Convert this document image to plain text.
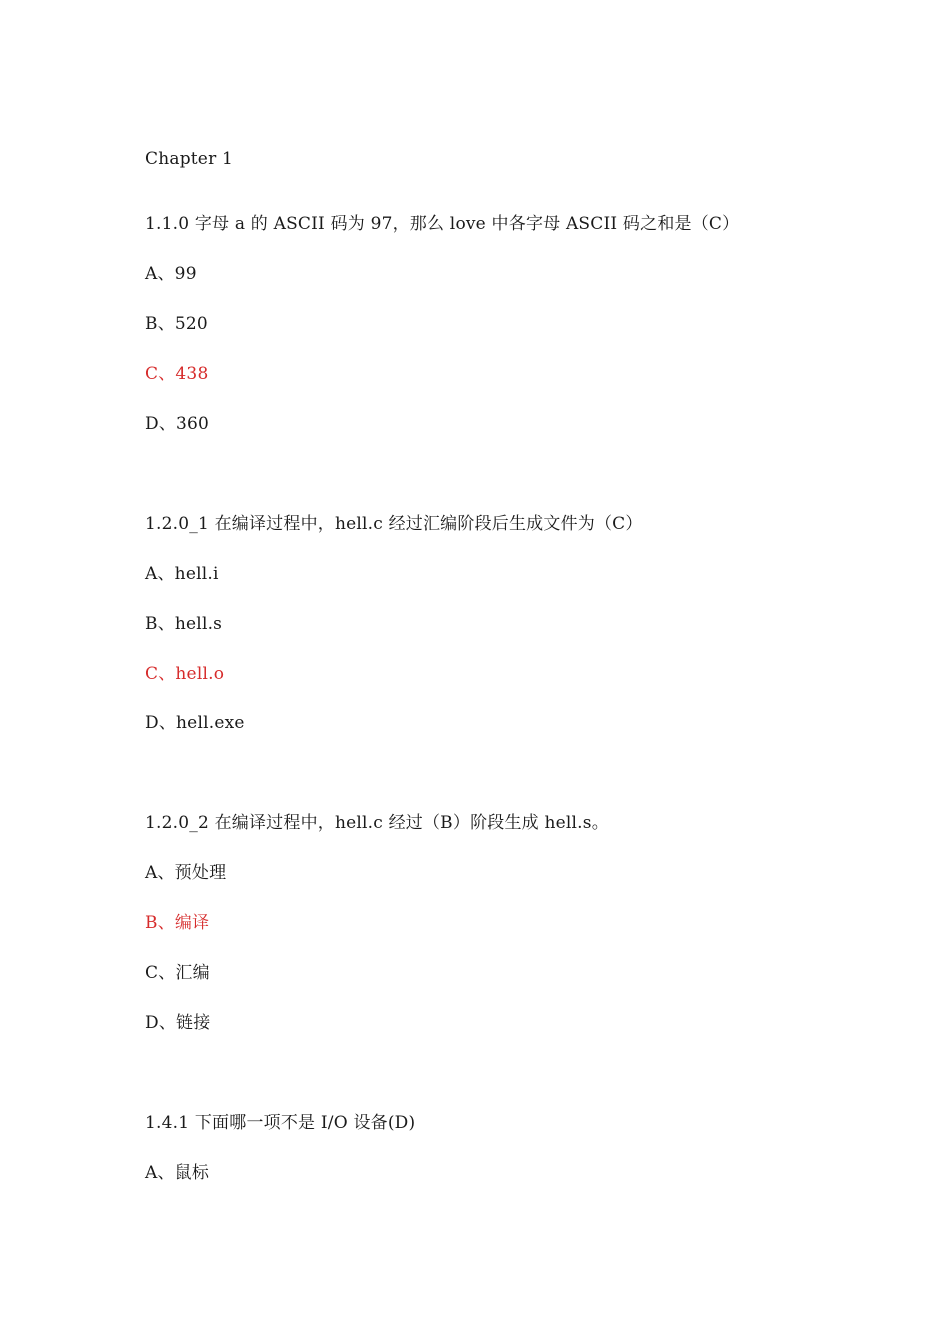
Chapter 1
1.1.0 字母 a 的 ASCII 码为 97，那么 love 中各字母 ASCII 码之和是（C）
A、99
B、520
C、438
D、360
1.2.0_1 在编译过程中，hell.c 经过汇编阶段后生成文件为（C）
A、hell.i
B、hell.s
C、hell.o
D、hell.exe
1.2.0_2 在编译过程中，hell.c 经过（B）阶段生成 hell.s。
A、预处理
B、编译
C、汇编
D、链接
1.4.1 下面哪一项不是 I/O 设备(D)
A、鼠标
